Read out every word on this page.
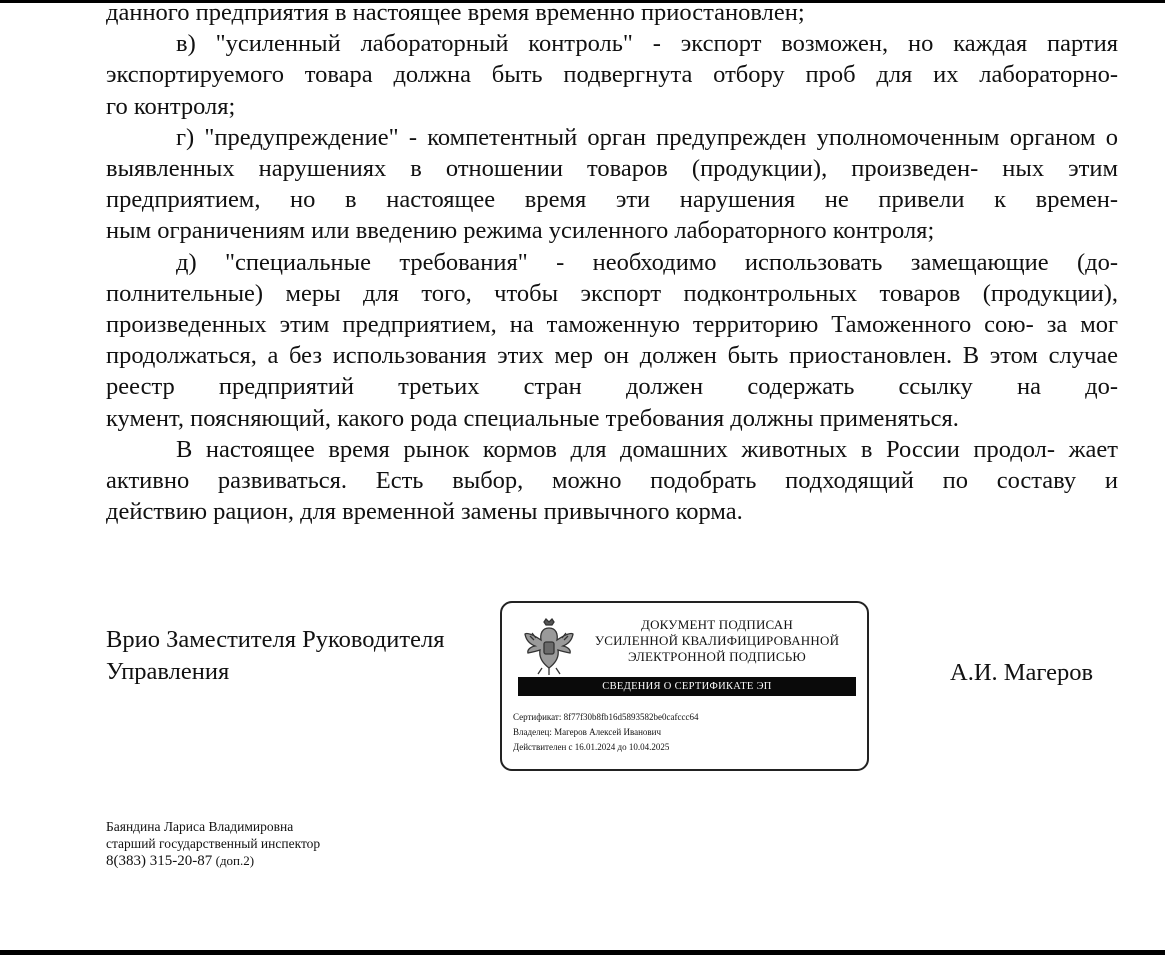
данного предприятия в настоящее время временно приостановлен;

в) "усиленный лабораторный контроль" - экспорт возможен, но каждая партия экспортируемого товара должна быть подвергнута отбору проб для их лабораторно-

го контроля;

г) "предупреждение" - компетентный орган предупрежден уполномоченным органом о выявленных нарушениях в отношении товаров (продукции), произведен- ных этим предприятием, но в настоящее время эти нарушения не привели к времен-

ным ограничениям или введению режима усиленного лабораторного контроля;

д) "специальные требования" - необходимо использовать замещающие (до- полнительные) меры для того, чтобы экспорт подконтрольных товаров (продукции), произведенных этим предприятием, на таможенную территорию Таможенного сою- за мог продолжаться, а без использования этих мер он должен быть приостановлен. В этом случае реестр предприятий третьих стран должен содержать ссылку на до-

кумент, поясняющий, какого рода специальные требования должны применяться.

В настоящее время рынок кормов для домашних животных в России продол- жает активно развиваться. Есть выбор, можно подобрать подходящий по составу и

действию рацион, для временной замены привычного корма.

Врио Заместителя Руководителя
Управления
ДОКУМЕНТ ПОДПИСАН
УСИЛЕННОЙ КВАЛИФИЦИРОВАННОЙ
ЭЛЕКТРОННОЙ ПОДПИСЬЮ
СВЕДЕНИЯ О СЕРТИФИКАТЕ ЭП
Сертификат: 8f77f30b8fb16d5893582be0cafccc64
Владелец: Магеров Алексей Иванович
Действителен с 16.01.2024 до 10.04.2025
А.И. Магеров
Баяндина Лариса Владимировна
старший государственный инспектор
8(383) 315-20-87 (доп.2)
